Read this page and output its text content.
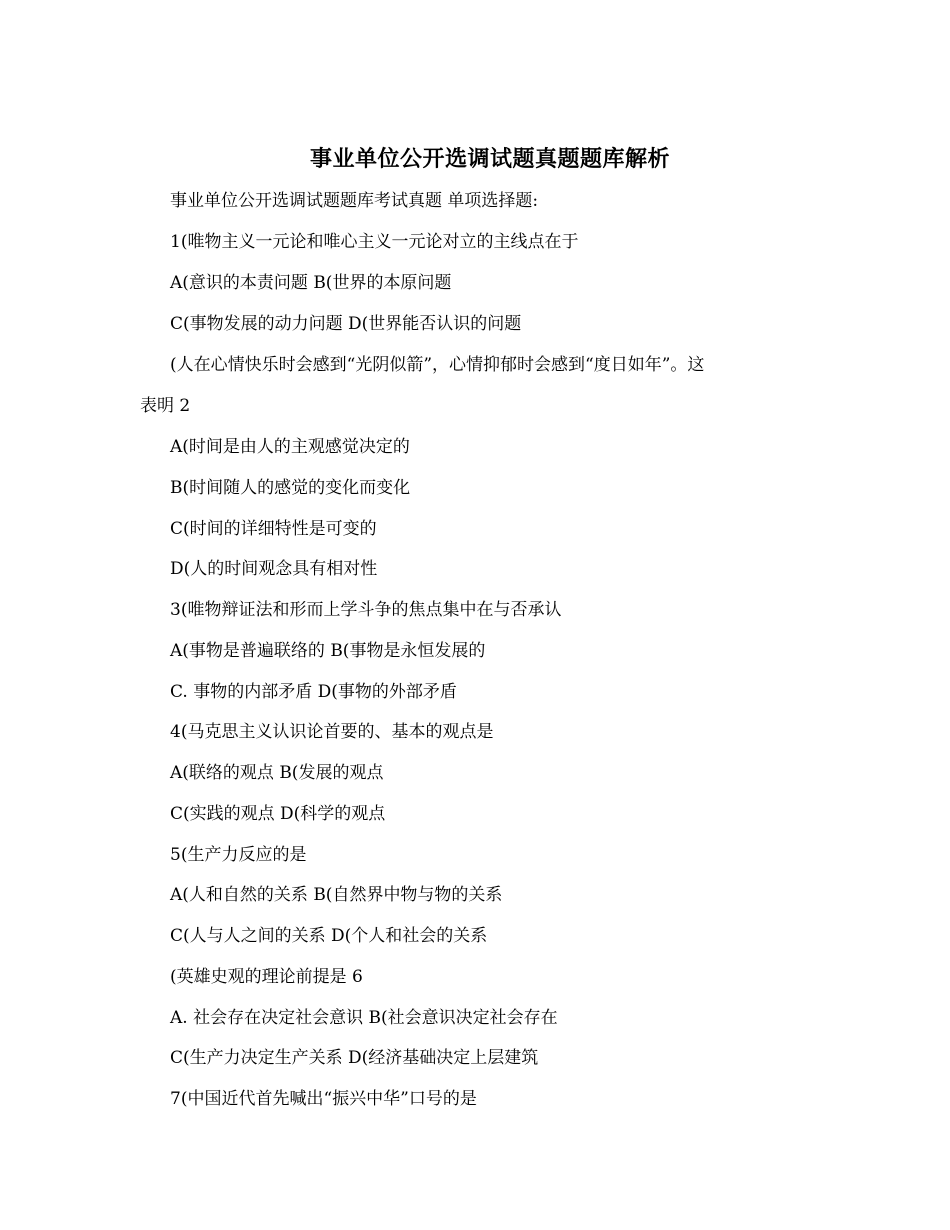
事业单位公开选调试题真题题库解析
事业单位公开选调试题题库考试真题 单项选择题:
1(唯物主义一元论和唯心主义一元论对立的主线点在于
A(意识的本责问题 B(世界的本原问题
C(事物发展的动力问题 D(世界能否认识的问题
(人在心情快乐时会感到“光阴似箭”，心情抑郁时会感到“度日如年”。这
表明 2
A(时间是由人的主观感觉决定的
B(时间随人的感觉的变化而变化
C(时间的详细特性是可变的
D(人的时间观念具有相对性
3(唯物辩证法和形而上学斗争的焦点集中在与否承认
A(事物是普遍联络的 B(事物是永恒发展的
C. 事物的内部矛盾 D(事物的外部矛盾
4(马克思主义认识论首要的、基本的观点是
A(联络的观点 B(发展的观点
C(实践的观点 D(科学的观点
5(生产力反应的是
A(人和自然的关系 B(自然界中物与物的关系
C(人与人之间的关系 D(个人和社会的关系
(英雄史观的理论前提是 6
A. 社会存在决定社会意识 B(社会意识决定社会存在
C(生产力决定生产关系 D(经济基础决定上层建筑
7(中国近代首先喊出“振兴中华”口号的是
